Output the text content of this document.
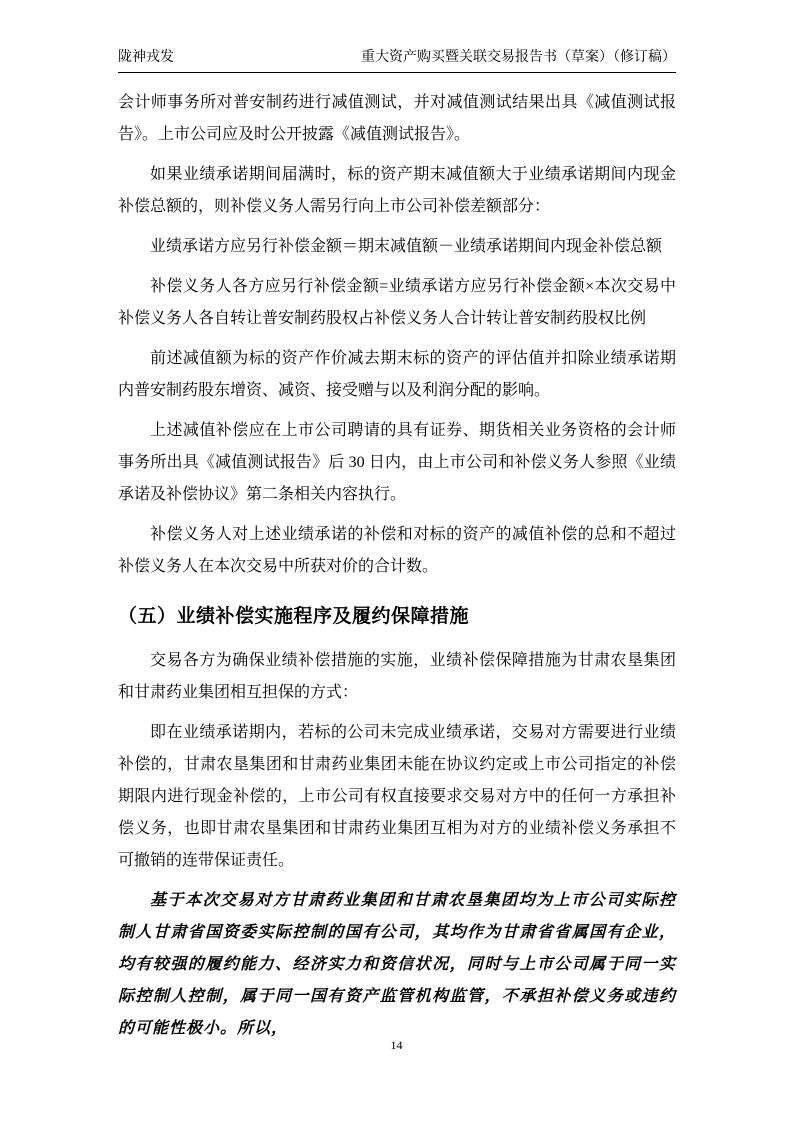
陇神戎发	重大资产购买暨关联交易报告书（草案）（修订稿）

会计师事务所对普安制药进行减值测试，并对减值测试结果出具《减值测试报告》。上市公司应及时公开披露《减值测试报告》。

如果业绩承诺期间届满时，标的资产期末减值额大于业绩承诺期间内现金补偿总额的，则补偿义务人需另行向上市公司补偿差额部分：

业绩承诺方应另行补偿金额＝期末减值额－业绩承诺期间内现金补偿总额

补偿义务人各方应另行补偿金额=业绩承诺方应另行补偿金额×本次交易中补偿义务人各自转让普安制药股权占补偿义务人合计转让普安制药股权比例

前述减值额为标的资产作价减去期末标的资产的评估值并扣除业绩承诺期内普安制药股东增资、减资、接受赠与以及利润分配的影响。

上述减值补偿应在上市公司聘请的具有证券、期货相关业务资格的会计师事务所出具《减值测试报告》后 30 日内，由上市公司和补偿义务人参照《业绩承诺及补偿协议》第二条相关内容执行。

补偿义务人对上述业绩承诺的补偿和对标的资产的减值补偿的总和不超过补偿义务人在本次交易中所获对价的合计数。

（五）业绩补偿实施程序及履约保障措施

交易各方为确保业绩补偿措施的实施，业绩补偿保障措施为甘肃农垦集团和甘肃药业集团相互担保的方式：

即在业绩承诺期内，若标的公司未完成业绩承诺，交易对方需要进行业绩补偿的，甘肃农垦集团和甘肃药业集团未能在协议约定或上市公司指定的补偿期限内进行现金补偿的，上市公司有权直接要求交易对方中的任何一方承担补偿义务，也即甘肃农垦集团和甘肃药业集团互相为对方的业绩补偿义务承担不可撤销的连带保证责任。

基于本次交易对方甘肃药业集团和甘肃农垦集团均为上市公司实际控制人甘肃省国资委实际控制的国有公司，其均作为甘肃省省属国有企业，均有较强的履约能力、经济实力和资信状况，同时与上市公司属于同一实际控制人控制，属于同一国有资产监管机构监管，不承担补偿义务或违约的可能性极小。所以，

14
